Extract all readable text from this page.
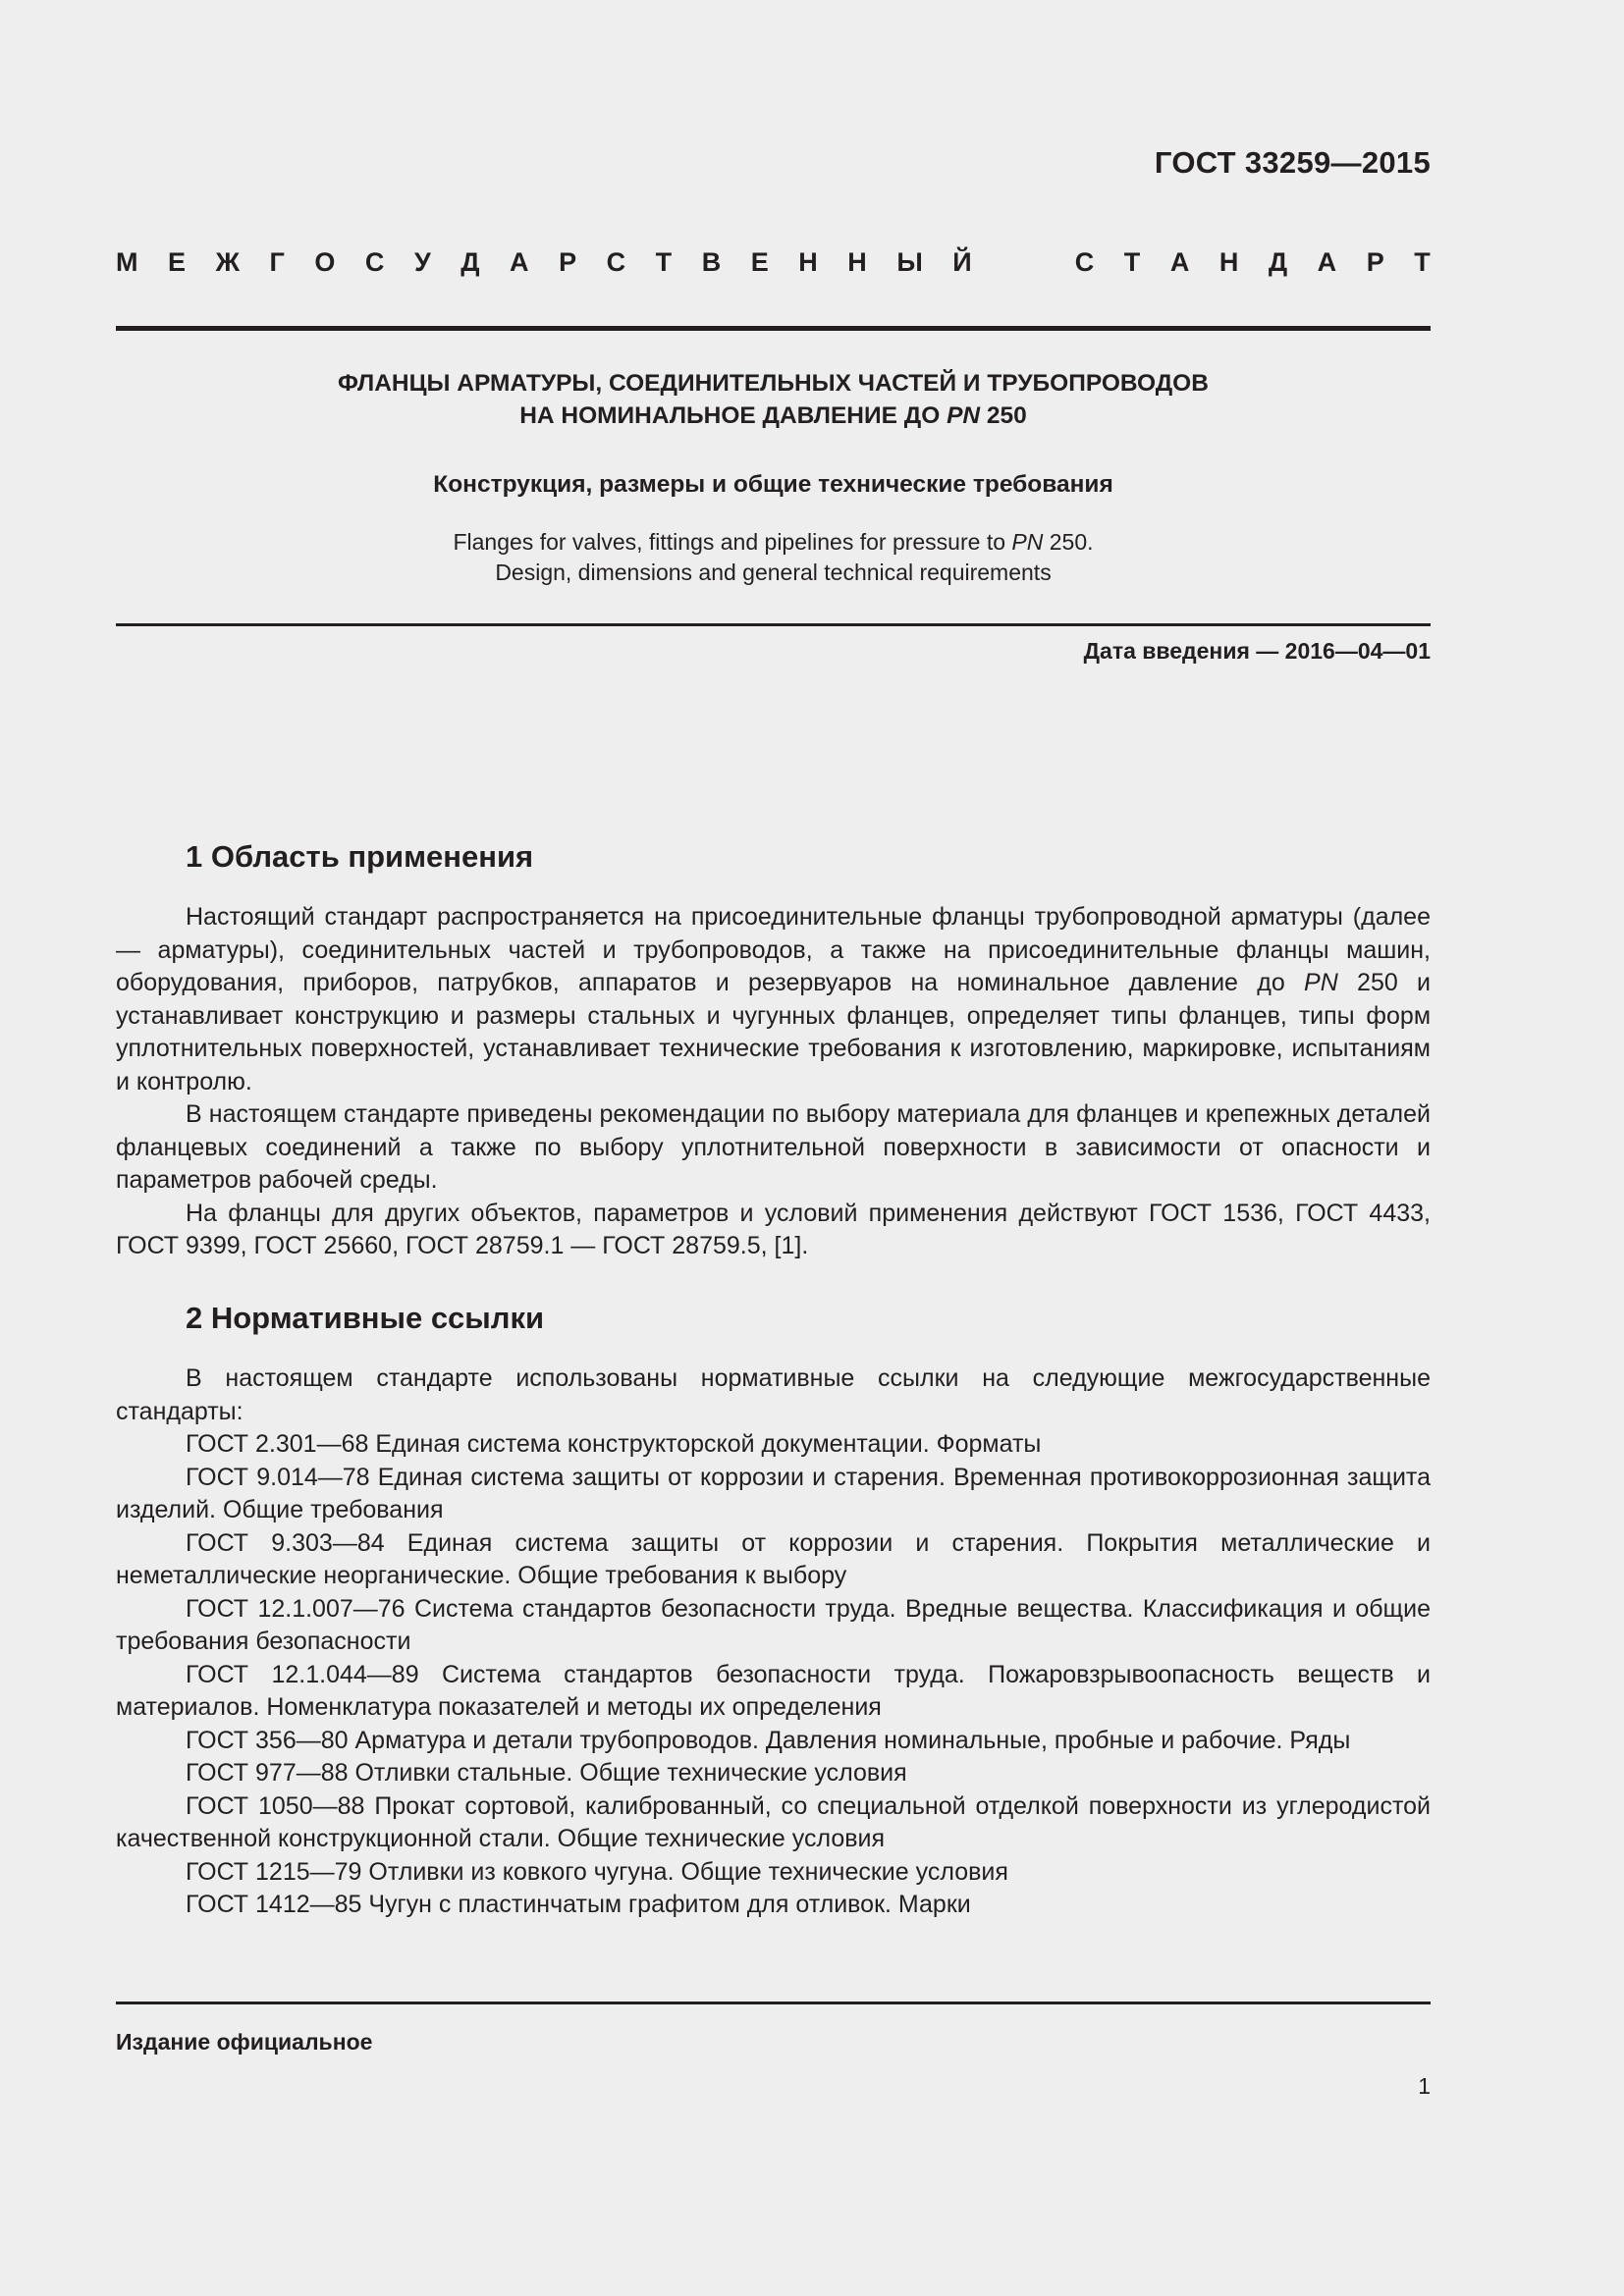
ГОСТ 33259—2015
М Е Ж Г О С У Д А Р С Т В Е Н Н Ы Й	С Т А Н Д А Р Т

ФЛАНЦЫ АРМАТУРЫ, СОЕДИНИТЕЛЬНЫХ ЧАСТЕЙ И ТРУБОПРОВОДОВ
НА НОМИНАЛЬНОЕ ДАВЛЕНИЕ ДО PN 250

Конструкция, размеры и общие технические требования

Flanges for valves, fittings and pipelines for pressure to PN 250.
Design, dimensions and general technical requirements

Дата введения — 2016—04—01
1 Область применения

Настоящий стандарт распространяется на присоединительные фланцы трубопроводной арматуры (далее — арматуры), соединительных частей и трубопроводов, а также на присоединительные фланцы машин, оборудования, приборов, патрубков, аппаратов и резервуаров на номинальное давление до PN 250 и устанавливает конструкцию и размеры стальных и чугунных фланцев, определяет типы фланцев, типы форм уплотнительных поверхностей, устанавливает технические требования к изготовлению, маркировке, испытаниям и контролю.

В настоящем стандарте приведены рекомендации по выбору материала для фланцев и крепежных деталей фланцевых соединений а также по выбору уплотнительной поверхности в зависимости от опасности и параметров рабочей среды.

На фланцы для других объектов, параметров и условий применения действуют ГОСТ 1536, ГОСТ 4433, ГОСТ 9399, ГОСТ 25660, ГОСТ 28759.1 — ГОСТ 28759.5, [1].

2 Нормативные ссылки

В настоящем стандарте использованы нормативные ссылки на следующие межгосударственные стандарты:

ГОСТ 2.301—68 Единая система конструкторской документации. Форматы

ГОСТ 9.014—78 Единая система защиты от коррозии и старения. Временная противокоррозионная защита изделий. Общие требования

ГОСТ 9.303—84 Единая система защиты от коррозии и старения. Покрытия металлические и неметаллические неорганические. Общие требования к выбору

ГОСТ 12.1.007—76 Система стандартов безопасности труда. Вредные вещества. Классификация и общие требования безопасности

ГОСТ 12.1.044—89 Система стандартов безопасности труда. Пожаровзрывоопасность веществ и материалов. Номенклатура показателей и методы их определения

ГОСТ 356—80 Арматура и детали трубопроводов. Давления номинальные, пробные и рабочие. Ряды

ГОСТ 977—88 Отливки стальные. Общие технические условия

ГОСТ 1050—88 Прокат сортовой, калиброванный, со специальной отделкой поверхности из углеродистой качественной конструкционной стали. Общие технические условия

ГОСТ 1215—79 Отливки из ковкого чугуна. Общие технические условия

ГОСТ 1412—85 Чугун с пластинчатым графитом для отливок. Марки

Издание официальное
1
